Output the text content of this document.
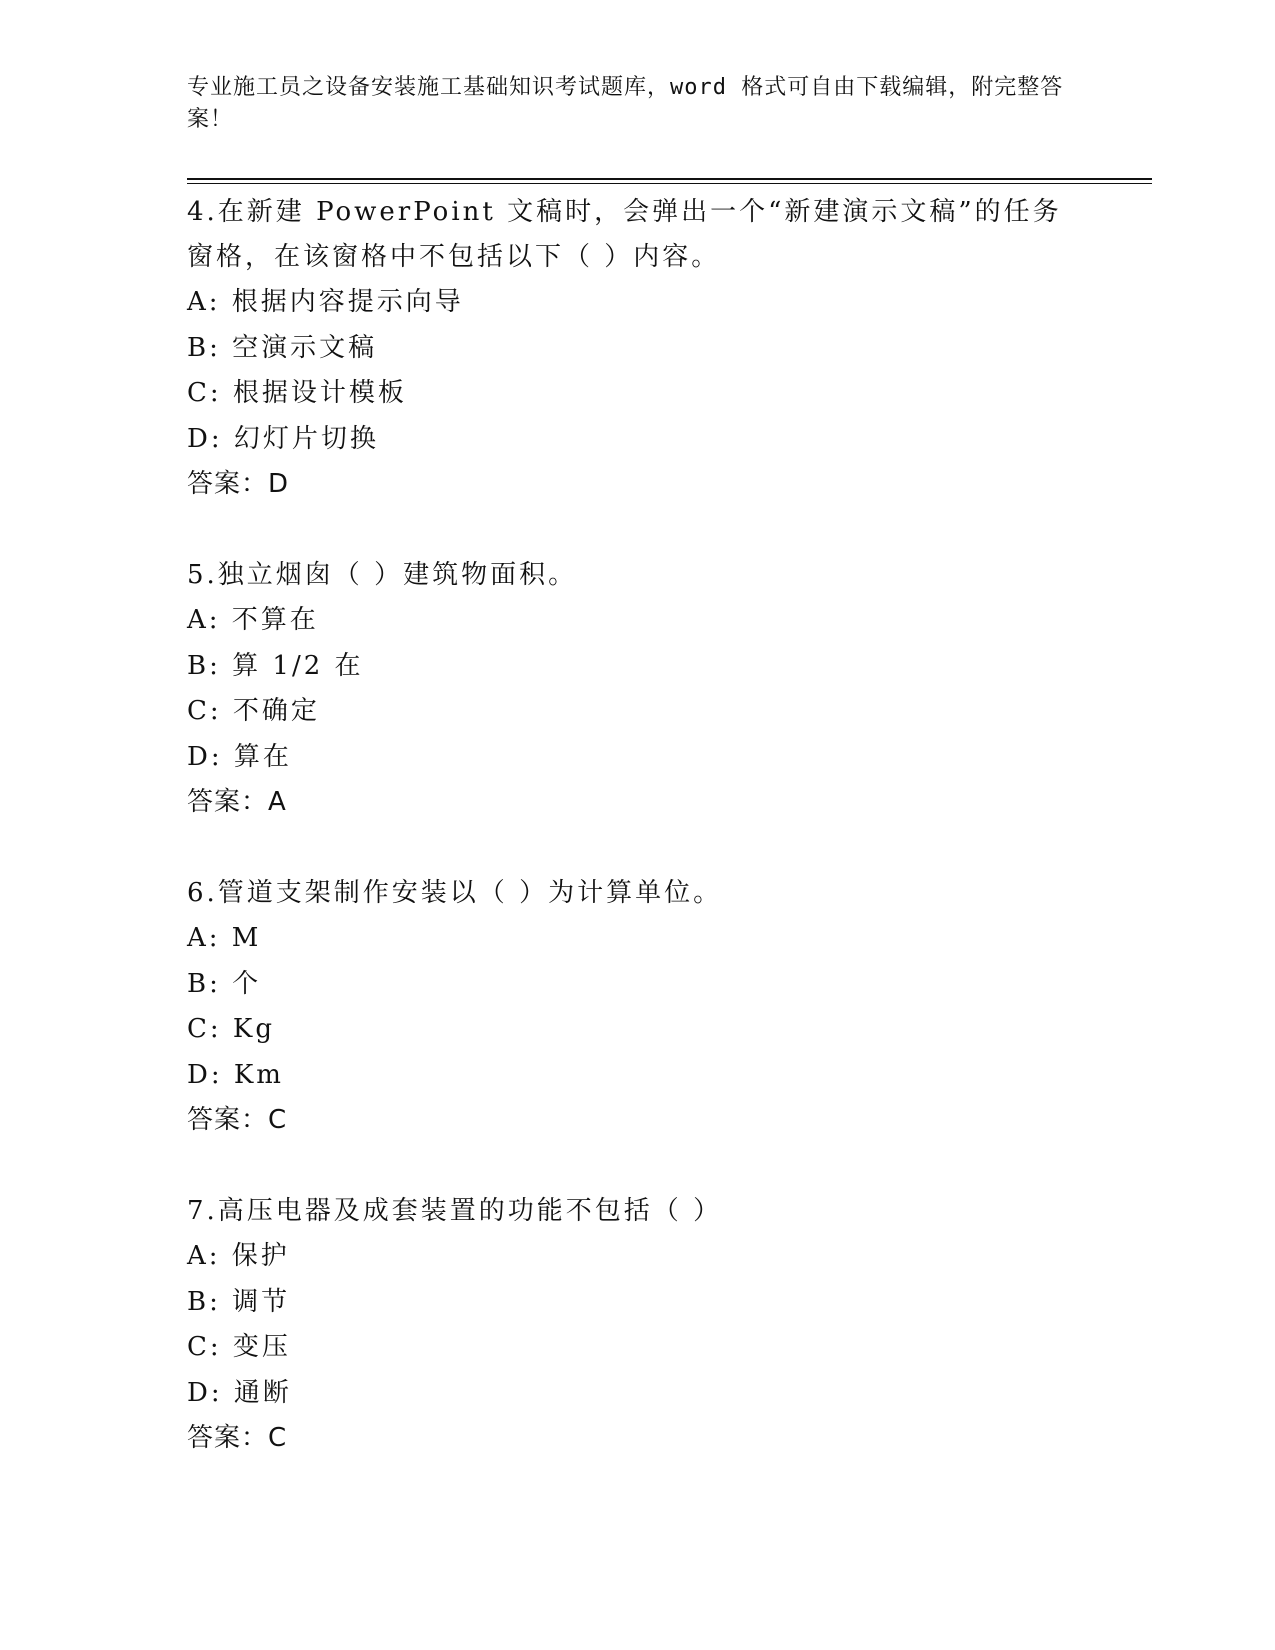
专业施工员之设备安装施工基础知识考试题库，word 格式可自由下载编辑，附完整答案！

4.在新建 PowerPoint 文稿时，会弹出一个“新建演示文稿”的任务窗格，在该窗格中不包括以下（ ）内容。

A: 根据内容提示向导

B: 空演示文稿

C: 根据设计模板

D: 幻灯片切换

答案：D

5.独立烟囱（ ）建筑物面积。

A: 不算在

B: 算 1/2 在

C: 不确定

D: 算在

答案：A

6.管道支架制作安装以（ ）为计算单位。

A: M

B: 个

C: Kg

D: Km

答案：C

7.高压电器及成套装置的功能不包括（ ）

A: 保护

B: 调节

C: 变压

D: 通断

答案：C
